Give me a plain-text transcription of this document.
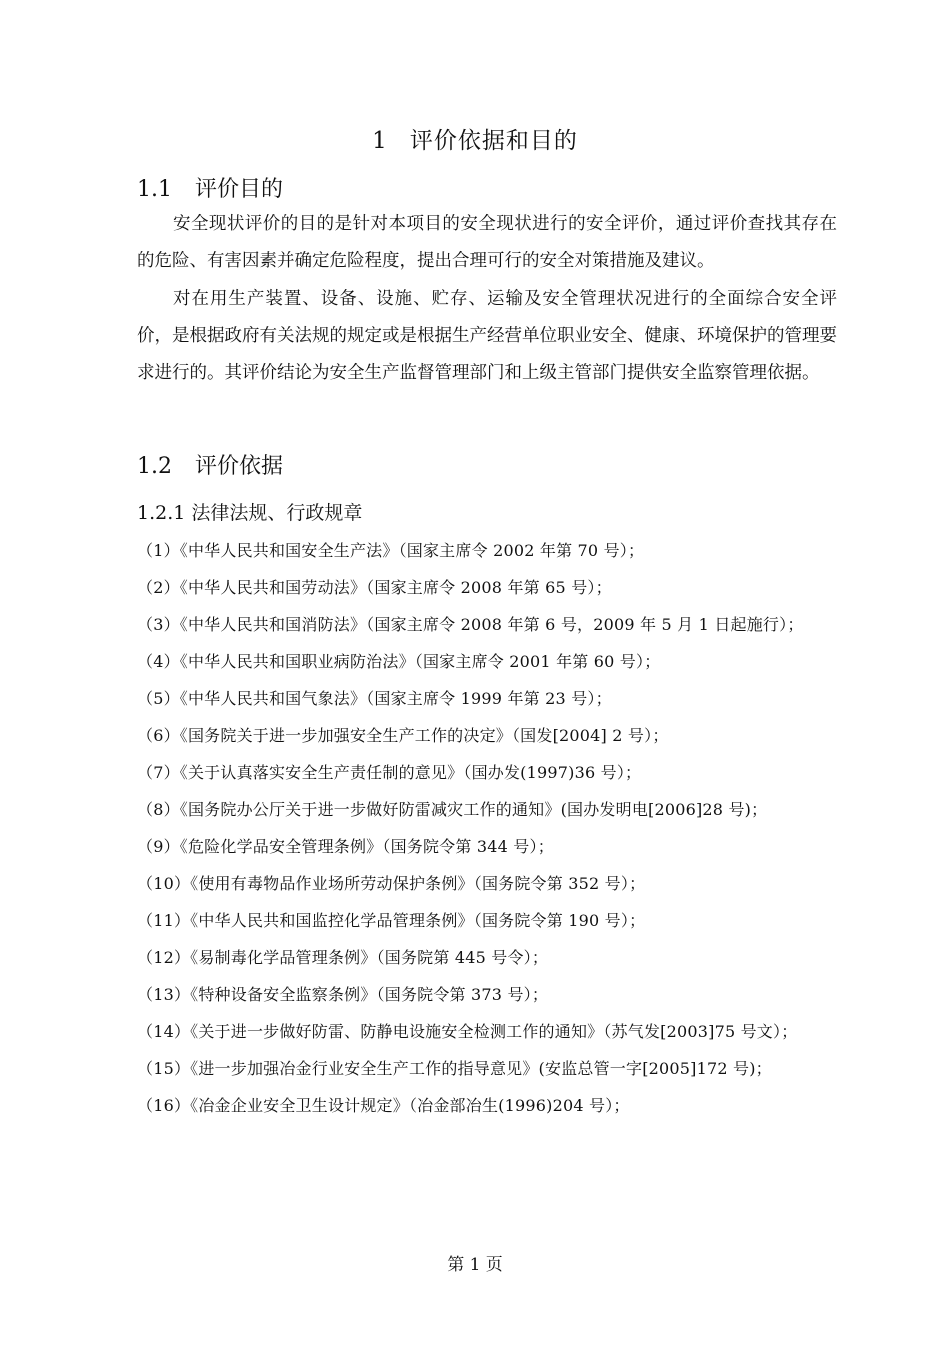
1 评价依据和目的
1.1 评价目的

安全现状评价的目的是针对本项目的安全现状进行的安全评价，通过评价查找其存在的危险、有害因素并确定危险程度，提出合理可行的安全对策措施及建议。

对在用生产装置、设备、设施、贮存、运输及安全管理状况进行的全面综合安全评价，是根据政府有关法规的规定或是根据生产经营单位职业安全、健康、环境保护的管理要求进行的。其评价结论为安全生产监督管理部门和上级主管部门提供安全监察管理依据。

1.2 评价依据
1.2.1 法律法规、行政规章
（1）《中华人民共和国安全生产法》（国家主席令 2002 年第 70 号）；
（2）《中华人民共和国劳动法》（国家主席令 2008 年第 65 号）；
（3）《中华人民共和国消防法》（国家主席令 2008 年第 6 号，2009 年 5 月 1 日起施行）；
（4）《中华人民共和国职业病防治法》（国家主席令 2001 年第 60 号）；
（5）《中华人民共和国气象法》（国家主席令 1999 年第 23 号）；
（6）《国务院关于进一步加强安全生产工作的决定》（国发[2004] 2 号）；
（7）《关于认真落实安全生产责任制的意见》（国办发(1997)36 号）；
（8）《国务院办公厅关于进一步做好防雷减灾工作的通知》(国办发明电[2006]28 号)；
（9）《危险化学品安全管理条例》（国务院令第 344 号）；
（10）《使用有毒物品作业场所劳动保护条例》（国务院令第 352 号）；
（11）《中华人民共和国监控化学品管理条例》（国务院令第 190 号）；
（12）《易制毒化学品管理条例》（国务院第 445 号令）；
（13）《特种设备安全监察条例》（国务院令第 373 号）；
（14）《关于进一步做好防雷、防静电设施安全检测工作的通知》（苏气发[2003]75 号文）；
（15）《进一步加强冶金行业安全生产工作的指导意见》(安监总管一字[2005]172 号)；
（16）《冶金企业安全卫生设计规定》（冶金部冶生(1996)204 号）；
第 1 页
